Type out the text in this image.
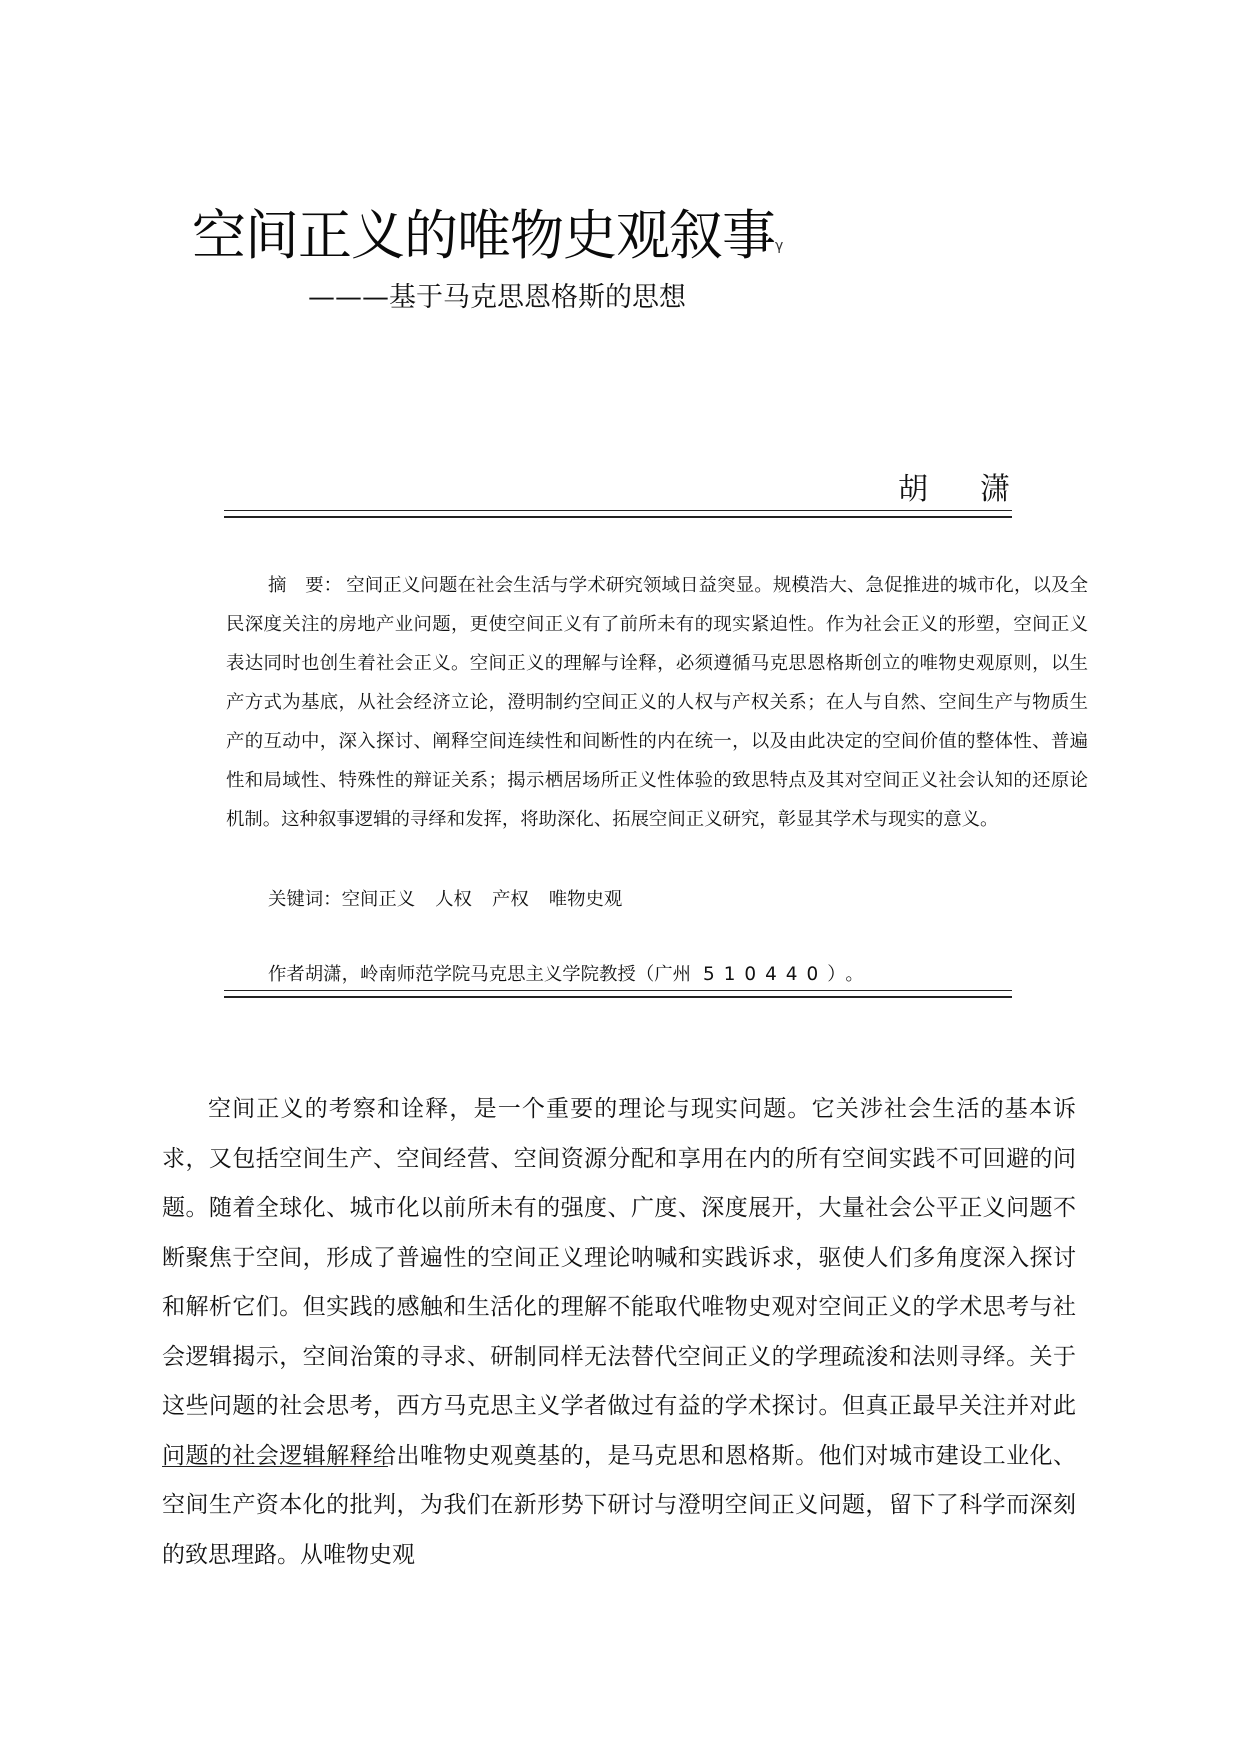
空间正义的唯物史观叙事$^\gamma$
———基于马克思恩格斯的思想
胡 潇

摘　要： 空间正义问题在社会生活与学术研究领域日益突显。规模浩大、急促推进的城市化，以及全民深度关注的房地产业问题，更使空间正义有了前所未有的现实紧迫性。作为社会正义的形塑，空间正义表达同时也创生着社会正义。空间正义的理解与诠释，必须遵循马克思恩格斯创立的唯物史观原则，以生产方式为基底，从社会经济立论，澄明制约空间正义的人权与产权关系；在人与自然、空间生产与物质生产的互动中，深入探讨、阐释空间连续性和间断性的内在统一，以及由此决定的空间价值的整体性、普遍性和局域性、特殊性的辩证关系；揭示栖居场所正义性体验的致思特点及其对空间正义社会认知的还原论机制。这种叙事逻辑的寻绎和发挥，将助深化、拓展空间正义研究，彰显其学术与现实的意义。

关键词：空间正义 人权 产权 唯物史观
作者胡潇，岭南师范学院马克思主义学院教授（广州 510440）。

空间正义的考察和诠释，是一个重要的理论与现实问题。它关涉社会生活的基本诉求，又包括空间生产、空间经营、空间资源分配和享用在内的所有空间实践不可回避的问题。随着全球化、城市化以前所未有的强度、广度、深度展开，大量社会公平正义问题不断聚焦于空间，形成了普遍性的空间正义理论呐喊和实践诉求，驱使人们多角度深入探讨和解析它们。但实践的感触和生活化的理解不能取代唯物史观对空间正义的学术思考与社会逻辑揭示，空间治策的寻求、研制同样无法替代空间正义的学理疏浚和法则寻绎。关于这些问题的社会思考，西方马克思主义学者做过有益的学术探讨。但真正最早关注并对此问题的社会逻辑解释给出唯物史观奠基的，是马克思和恩格斯。他们对城市建设工业化、空间生产资本化的批判，为我们在新形势下研讨与澄明空间正义问题，留下了科学而深刻的致思理路。从唯物史观
